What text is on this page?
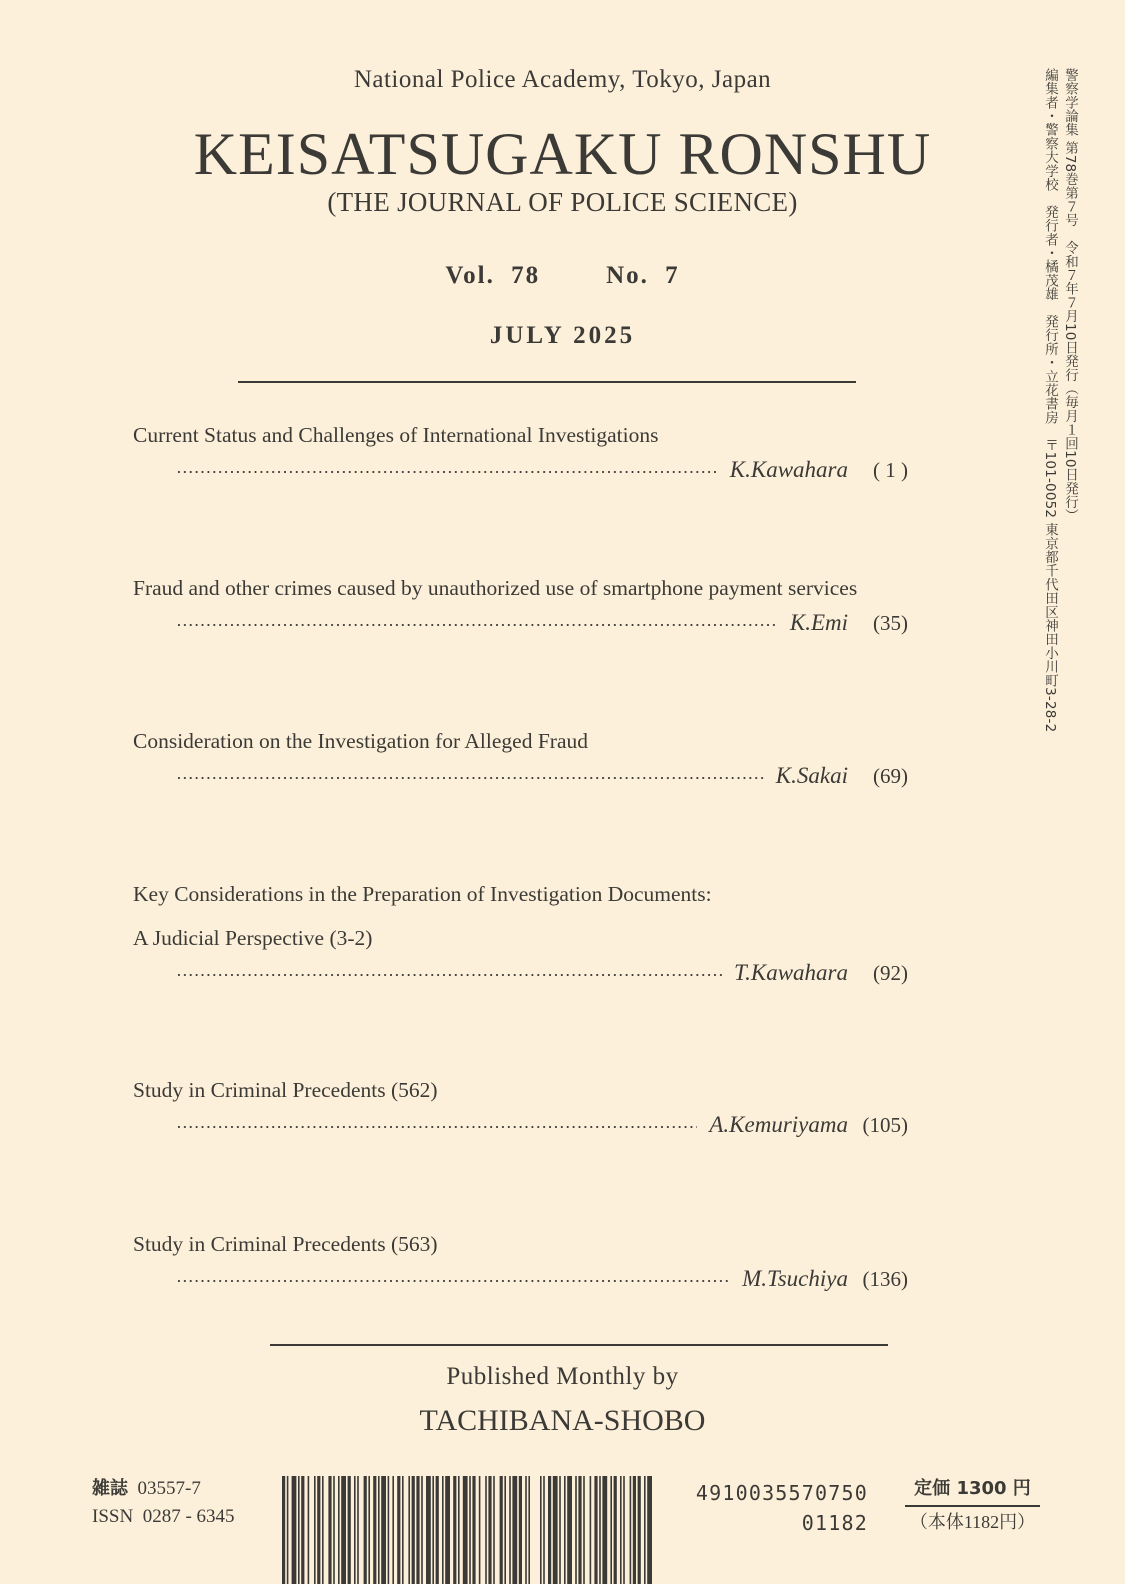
National Police Academy, Tokyo, Japan
KEISATSUGAKU RONSHU
(THE JOURNAL OF POLICE SCIENCE)
Vol. 78	No. 7
JULY 2025
Current Status and Challenges of International Investigations
K.Kawahara	( 1 )
Fraud and other crimes caused by unauthorized use of smartphone payment services
K.Emi	(35)
Consideration on the Investigation for Alleged Fraud
K.Sakai	(69)
Key Considerations in the Preparation of Investigation Documents:
A Judicial Perspective (3-2)
T.Kawahara	(92)
Study in Criminal Precedents (562)
A.Kemuriyama (105)
Study in Criminal Precedents (563)
M.Tsuchiya (136)
Published Monthly by
TACHIBANA-SHOBO
警察学論集 第78巻第７号　令和７年７月10日発行（毎月１回10日発行）
編集者・警察大学校　発行者・橘茂雄　発行所・立花書房　〒101-0052 東京都千代田区神田小川町3-28-2
雑誌 03557-7
ISSN 0287 - 6345
4910035570750
01182
定価 1300 円
（本体1182円）
